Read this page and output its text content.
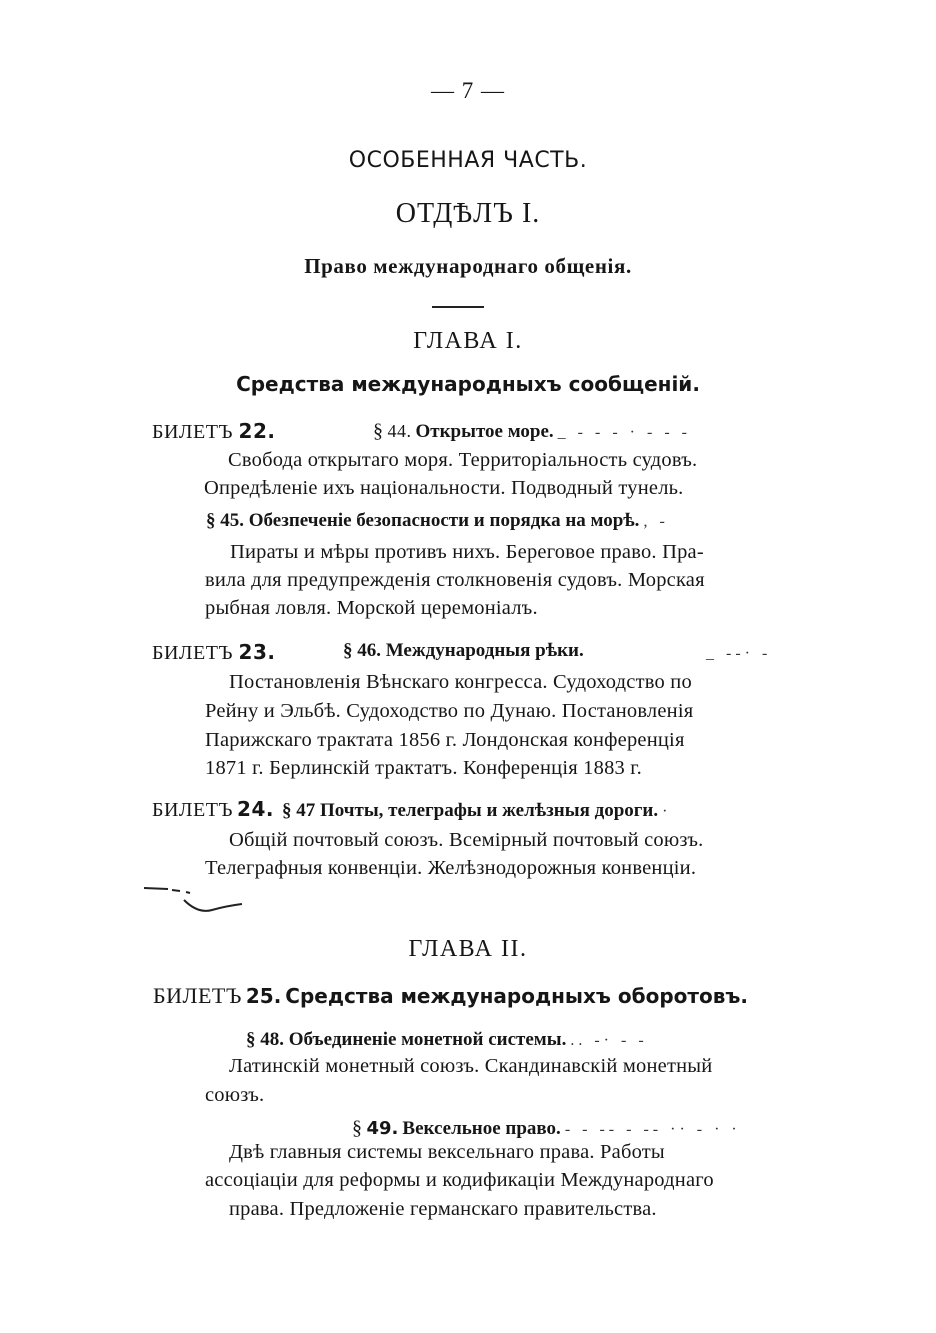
— 7 —
ОСОБЕННАЯ ЧАСТЬ.
ОТДѢЛЪ I.
Право международнаго общенія.
ГЛАВА I.
Средства международныхъ сообщеній.
БИЛЕТЪ 22.	§ 44. Открытое море. _ - - - · - - -
Свобода открытаго моря. Территоріальность судовъ.
Опредѣленіе ихъ національности. Подводный тунель.
§ 45. Обезпеченіе безопасности и порядка на морѣ. , -
Пираты и мѣры противъ нихъ. Береговое право. Пра-
вила для предупрежденія столкновенія судовъ. Морская
рыбная ловля. Морской церемоніалъ.
БИЛЕТЪ 23.	§ 46. Международныя рѣки.	_ --· -
Постановленія Вѣнскаго конгресса. Судоходство по
Рейну и Эльбѣ. Судоходство по Дунаю. Постановленія
Парижскаго трактата 1856 г. Лондонская конференція
1871 г. Берлинскій трактатъ. Конференція 1883 г.
БИЛЕТЪ 24. § 47 Почты, телеграфы и желѣзныя дороги. ·
Общій почтовый союзъ. Всемірный почтовый союзъ.
Телеграфныя конвенціи. Желѣзнодорожныя конвенціи.
ГЛАВА II.
БИЛЕТЪ 25. Средства международныхъ оборотовъ.
§ 48. Объединеніе монетной системы. .. -· - -
Латинскій монетный союзъ. Скандинавскій монетный
союзъ.
§ 49. Вексельное право. - - -- - -- ·· - · ·
Двѣ главныя системы вексельнаго права. Работы
ассоціаціи для реформы и кодификаціи Международнаго
права. Предложеніе германскаго правительства.
